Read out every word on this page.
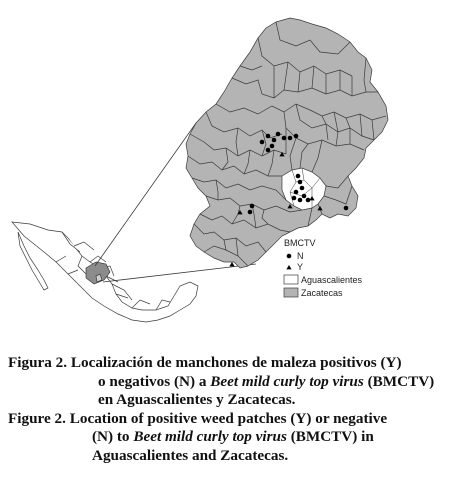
BMCTV
N
Y
Aguascalientes
Zacatecas
Figura 2. Localización de manchones de maleza positivos (Y)
o negativos (N) a Beet mild curly top virus (BMCTV)
en Aguascalientes y Zacatecas.
Figure 2. Location of positive weed patches (Y) or negative
(N) to Beet mild curly top virus (BMCTV) in
Aguascalientes and Zacatecas.
